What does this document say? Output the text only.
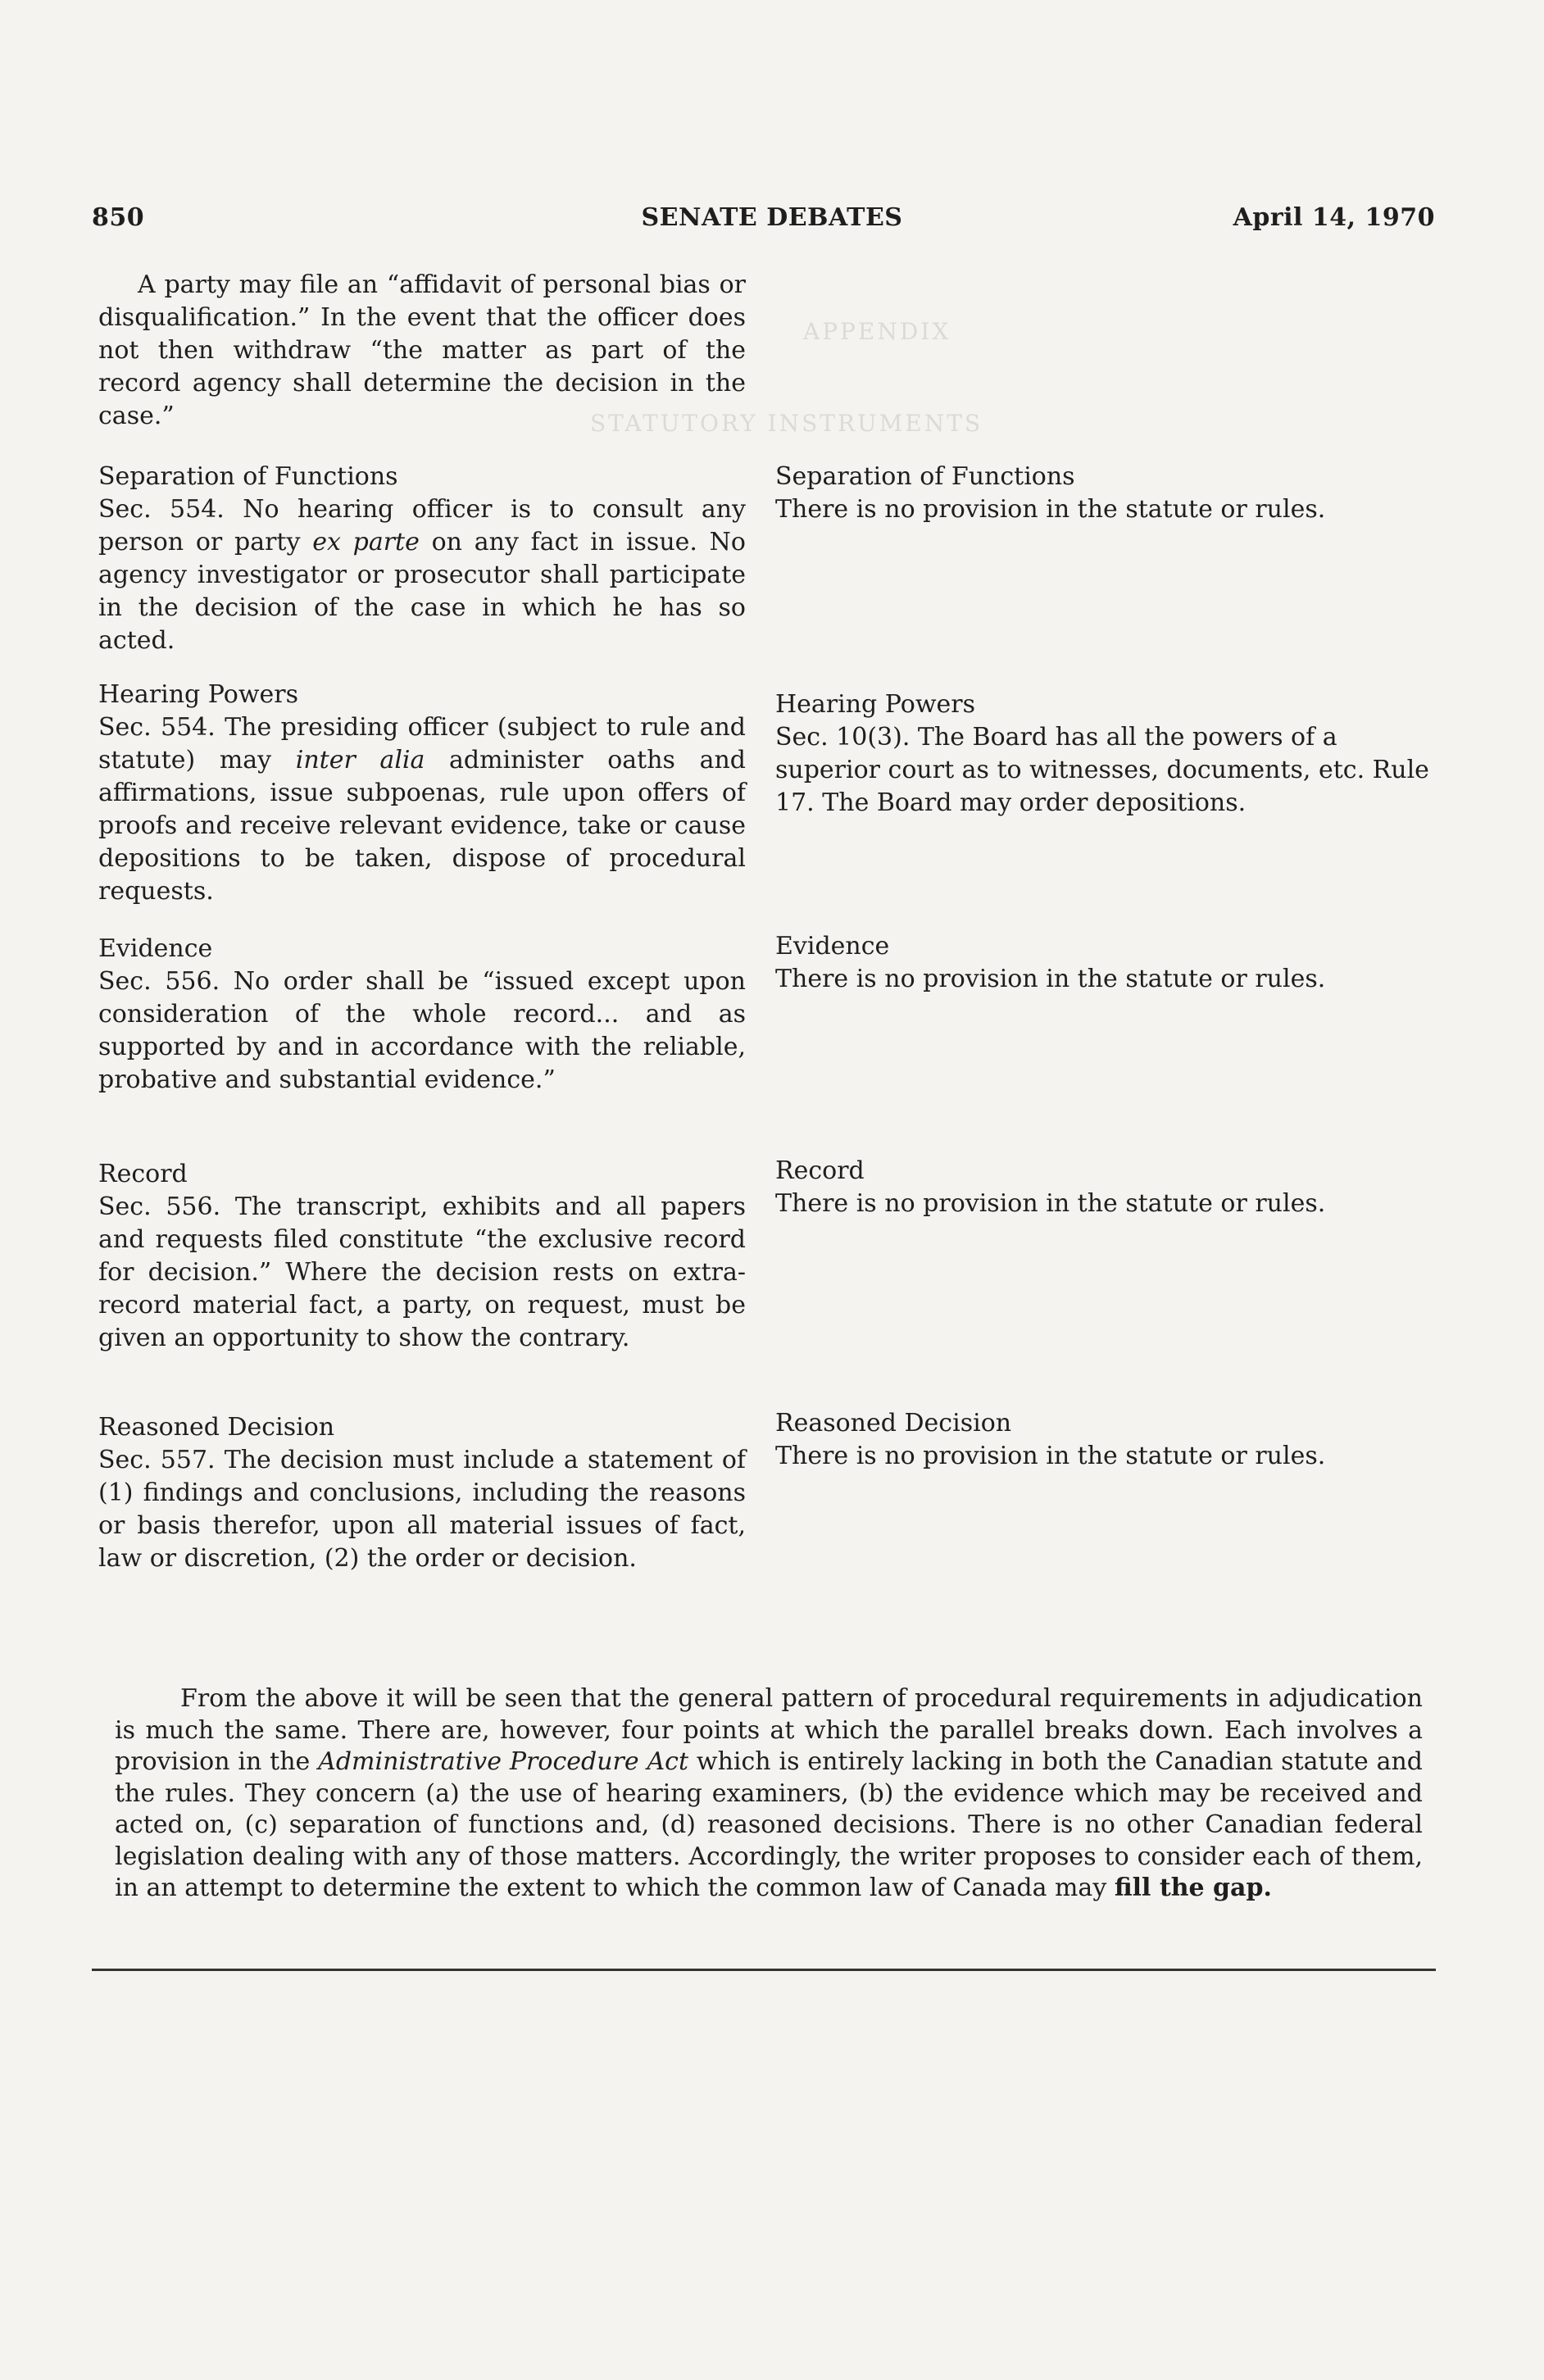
APPENDIX
STATUTORY INSTRUMENTS
850	SENATE DEBATES	April 14, 1970

A party may file an “affidavit of personal bias or disqualification.” In the event that the officer does not then withdraw “the matter as part of the record agency shall determine the decision in the case.”

Separation of Functions

Sec. 554. No hearing officer is to consult any person or party ex parte on any fact in issue. No agency investigator or prosecutor shall participate in the decision of the case in which he has so acted.

Hearing Powers

Sec. 554. The presiding officer (subject to rule and statute) may inter alia administer oaths and affirmations, issue subpoenas, rule upon offers of proofs and receive relevant evidence, take or cause depositions to be taken, dispose of procedural requests.

Evidence

Sec. 556. No order shall be “issued except upon consideration of the whole record... and as supported by and in accordance with the reliable, probative and substantial evidence.”

Record

Sec. 556. The transcript, exhibits and all papers and requests filed constitute “the exclusive record for decision.” Where the decision rests on extra-record material fact, a party, on request, must be given an opportunity to show the contrary.

Reasoned Decision

Sec. 557. The decision must include a statement of (1) findings and conclusions, including the reasons or basis therefor, upon all material issues of fact, law or discretion, (2) the order or decision.

Separation of Functions

There is no provision in the statute or rules.

Hearing Powers

Sec. 10(3). The Board has all the powers of a superior court as to witnesses, documents, etc. Rule 17. The Board may order depositions.

Evidence

There is no provision in the statute or rules.

Record

There is no provision in the statute or rules.

Reasoned Decision

There is no provision in the statute or rules.

From the above it will be seen that the general pattern of procedural requirements in adjudication is much the same. There are, however, four points at which the parallel breaks down. Each involves a provision in the Administrative Procedure Act which is entirely lacking in both the Canadian statute and the rules. They concern (a) the use of hearing examiners, (b) the evidence which may be received and acted on, (c) separation of functions and, (d) reasoned decisions. There is no other Canadian federal legislation dealing with any of those matters. Accordingly, the writer proposes to consider each of them, in an attempt to determine the extent to which the common law of Canada may fill the gap.
